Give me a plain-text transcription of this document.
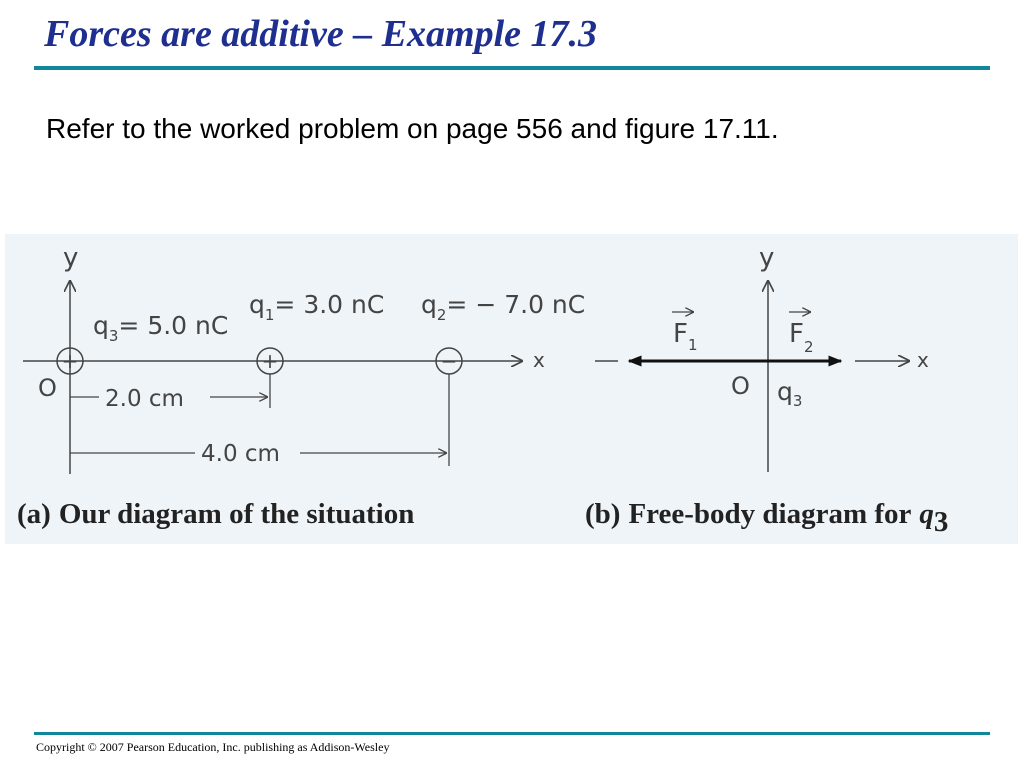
Forces are additive – Example 17.3

Refer to the worked problem on page 556 and figure 17.11.

y
x
O
+
$q_3= 5.0$ nC
+
$q_1= 3.0$ nC
−
$q_2= - 7.0$ nC
2.0 cm
4.0 cm
(a) Our diagram of the situation
y
x
$F_1$	$F_2$
O $q_3$
(b) Free-body diagram for q3

Copyright © 2007 Pearson Education, Inc. publishing as Addison-Wesley
